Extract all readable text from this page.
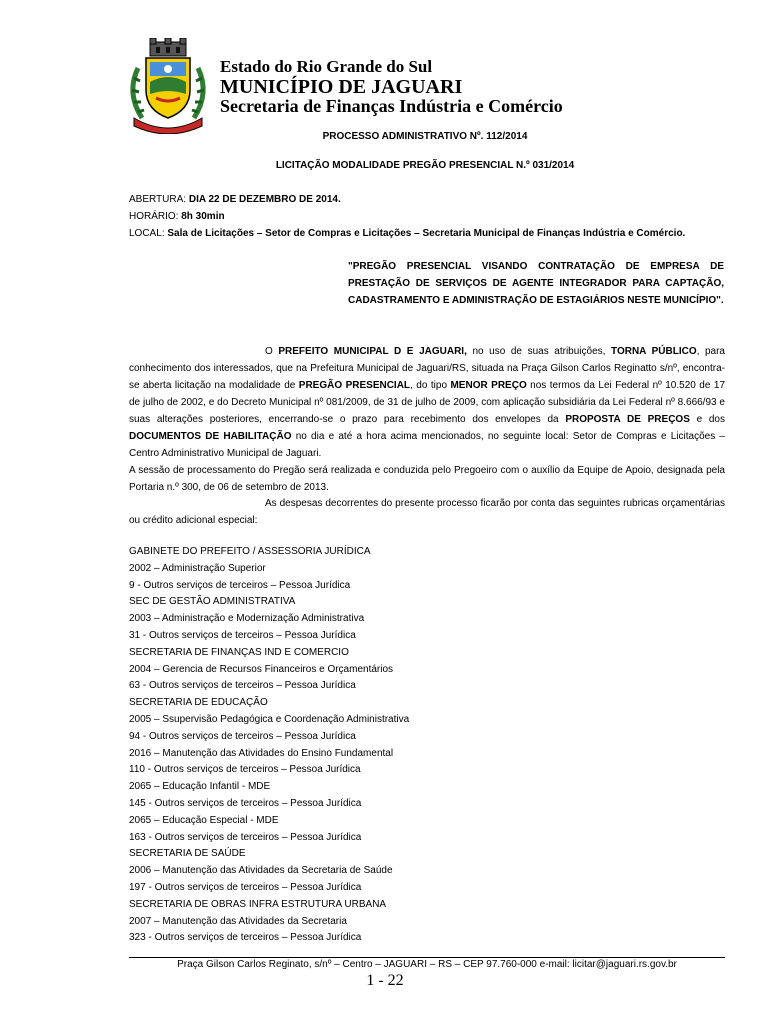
Estado do Rio Grande do Sul
MUNICÍPIO DE JAGUARI
Secretaria de Finanças Indústria e Comércio
PROCESSO ADMINISTRATIVO Nº. 112/2014
LICITAÇÃO MODALIDADE PREGÃO PRESENCIAL N.º 031/2014
ABERTURA: DIA 22 DE DEZEMBRO DE 2014.
HORÁRIO: 8h 30min
LOCAL: Sala de Licitações – Setor de Compras e Licitações – Secretaria Municipal de Finanças Indústria e Comércio.
"PREGÃO PRESENCIAL VISANDO CONTRATAÇÃO DE EMPRESA DE PRESTAÇÃO DE SERVIÇOS DE AGENTE INTEGRADOR PARA CAPTAÇÃO, CADASTRAMENTO E ADMINISTRAÇÃO DE ESTAGIÁRIOS NESTE MUNICÍPIO".
O PREFEITO MUNICIPAL D E JAGUARI, no uso de suas atribuições, TORNA PÚBLICO, para conhecimento dos interessados, que na Prefeitura Municipal de Jaguari/RS, situada na Praça Gilson Carlos Reginatto s/nº, encontra-se aberta licitação na modalidade de PREGÃO PRESENCIAL, do tipo MENOR PREÇO nos termos da Lei Federal nº 10.520 de 17 de julho de 2002, e do Decreto Municipal nº 081/2009, de 31 de julho de 2009, com aplicação subsidiária da Lei Federal nº 8.666/93 e suas alterações posteriores, encerrando-se o prazo para recebimento dos envelopes da PROPOSTA DE PREÇOS e dos DOCUMENTOS DE HABILITAÇÃO no dia e até a hora acima mencionados, no seguinte local: Setor de Compras e Licitações – Centro Administrativo Municipal de Jaguari.
A sessão de processamento do Pregão será realizada e conduzida pelo Pregoeiro com o auxílio da Equipe de Apoio, designada pela Portaria n.º 300, de 06 de setembro de 2013.
As despesas decorrentes do presente processo ficarão por conta das seguintes rubricas orçamentárias ou crédito adicional especial:
GABINETE DO PREFEITO / ASSESSORIA JURÍDICA
2002 – Administração Superior
9 - Outros serviços de terceiros – Pessoa Jurídica
SEC DE GESTÃO ADMINISTRATIVA
2003 – Administração e Modernização Administrativa
31 - Outros serviços de terceiros – Pessoa Jurídica
SECRETARIA DE FINANÇAS IND E COMERCIO
2004 – Gerencia de Recursos Financeiros e Orçamentários
63 - Outros serviços de terceiros – Pessoa Jurídica
SECRETARIA DE EDUCAÇÃO
2005 – Ssupervisão Pedagógica e Coordenação Administrativa
94 - Outros serviços de terceiros – Pessoa Jurídica
2016 – Manutenção das Atividades do Ensino Fundamental
110 - Outros serviços de terceiros – Pessoa Jurídica
2065 – Educação Infantil - MDE
145 - Outros serviços de terceiros – Pessoa Jurídica
2065 – Educação Especial - MDE
163 - Outros serviços de terceiros – Pessoa Jurídica
SECRETARIA DE SAÚDE
2006 – Manutenção das Atividades da Secretaria de Saúde
197 - Outros serviços de terceiros – Pessoa Jurídica
SECRETARIA DE OBRAS INFRA ESTRUTURA URBANA
2007 – Manutenção das Atividades da Secretaria
323 - Outros serviços de terceiros – Pessoa Jurídica
Praça Gilson Carlos Reginato, s/nº – Centro – JAGUARI – RS – CEP 97.760-000 e-mail: licitar@jaguari.rs.gov.br
1 - 22
